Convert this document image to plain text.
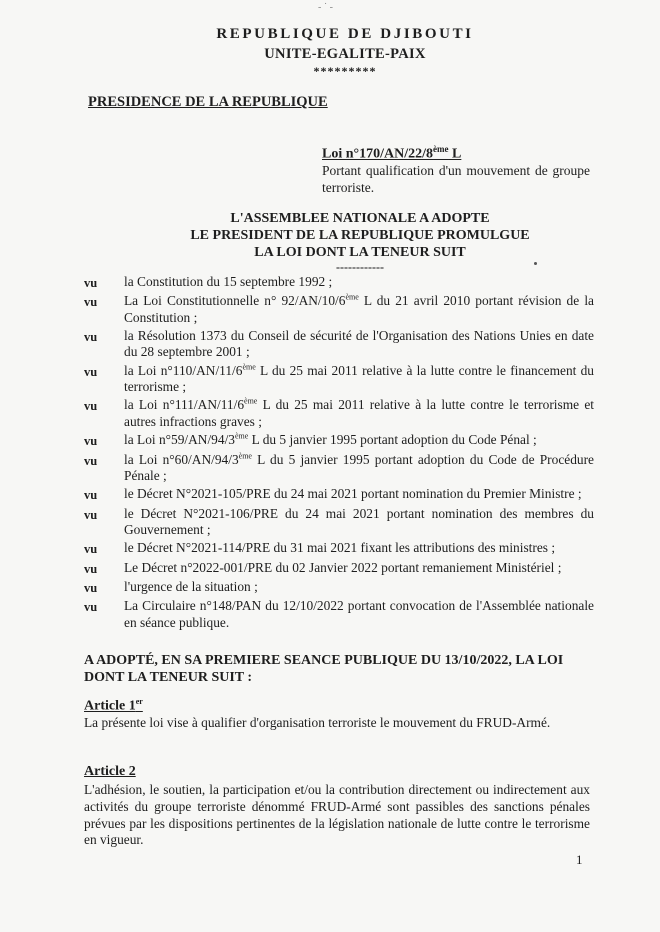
- ˙ -
REPUBLIQUE DE DJIBOUTI
UNITE-EGALITE-PAIX
*********
PRESIDENCE DE LA REPUBLIQUE
Loi n°170/AN/22/8ème L
Portant qualification d'un mouvement de groupe terroriste.
L'ASSEMBLEE NATIONALE A ADOPTE
LE PRESIDENT DE LA REPUBLIQUE PROMULGUE
LA LOI DONT LA TENEUR SUIT
------------
vu	la Constitution du 15 septembre 1992 ;
vu	La Loi Constitutionnelle n° 92/AN/10/6ème L du 21 avril 2010 portant révision de la Constitution ;
vu	la Résolution 1373 du Conseil de sécurité de l'Organisation des Nations Unies en date du 28 septembre 2001 ;
vu	la Loi n°110/AN/11/6ème L du 25 mai 2011 relative à la lutte contre le financement du terrorisme ;
vu	la Loi n°111/AN/11/6ème L du 25 mai 2011 relative à la lutte contre le terrorisme et autres infractions graves ;
vu	la Loi n°59/AN/94/3ème L du 5 janvier 1995 portant adoption du Code Pénal ;
vu	la Loi n°60/AN/94/3ème L du 5 janvier 1995 portant adoption du Code de Procédure Pénale ;
vu	le Décret N°2021-105/PRE du 24 mai 2021 portant nomination du Premier Ministre ;
vu	le Décret N°2021-106/PRE du 24 mai 2021 portant nomination des membres du Gouvernement ;
vu	le Décret N°2021-114/PRE du 31 mai 2021 fixant les attributions des ministres ;
vu	Le Décret n°2022-001/PRE du 02 Janvier 2022 portant remaniement Ministériel ;
vu	l'urgence de la situation ;
vu	La Circulaire n°148/PAN du 12/10/2022 portant convocation de l'Assemblée nationale en séance publique.
A ADOPTÉ, EN SA PREMIERE SEANCE PUBLIQUE DU 13/10/2022, LA LOI DONT LA TENEUR SUIT :
Article 1er
La présente loi vise à qualifier d'organisation terroriste le mouvement du FRUD-Armé.
Article 2
L'adhésion, le soutien, la participation et/ou la contribution directement ou indirectement aux activités du groupe terroriste dénommé FRUD-Armé sont passibles des sanctions pénales prévues par les dispositions pertinentes de la législation nationale de lutte contre le terrorisme en vigueur.
1
